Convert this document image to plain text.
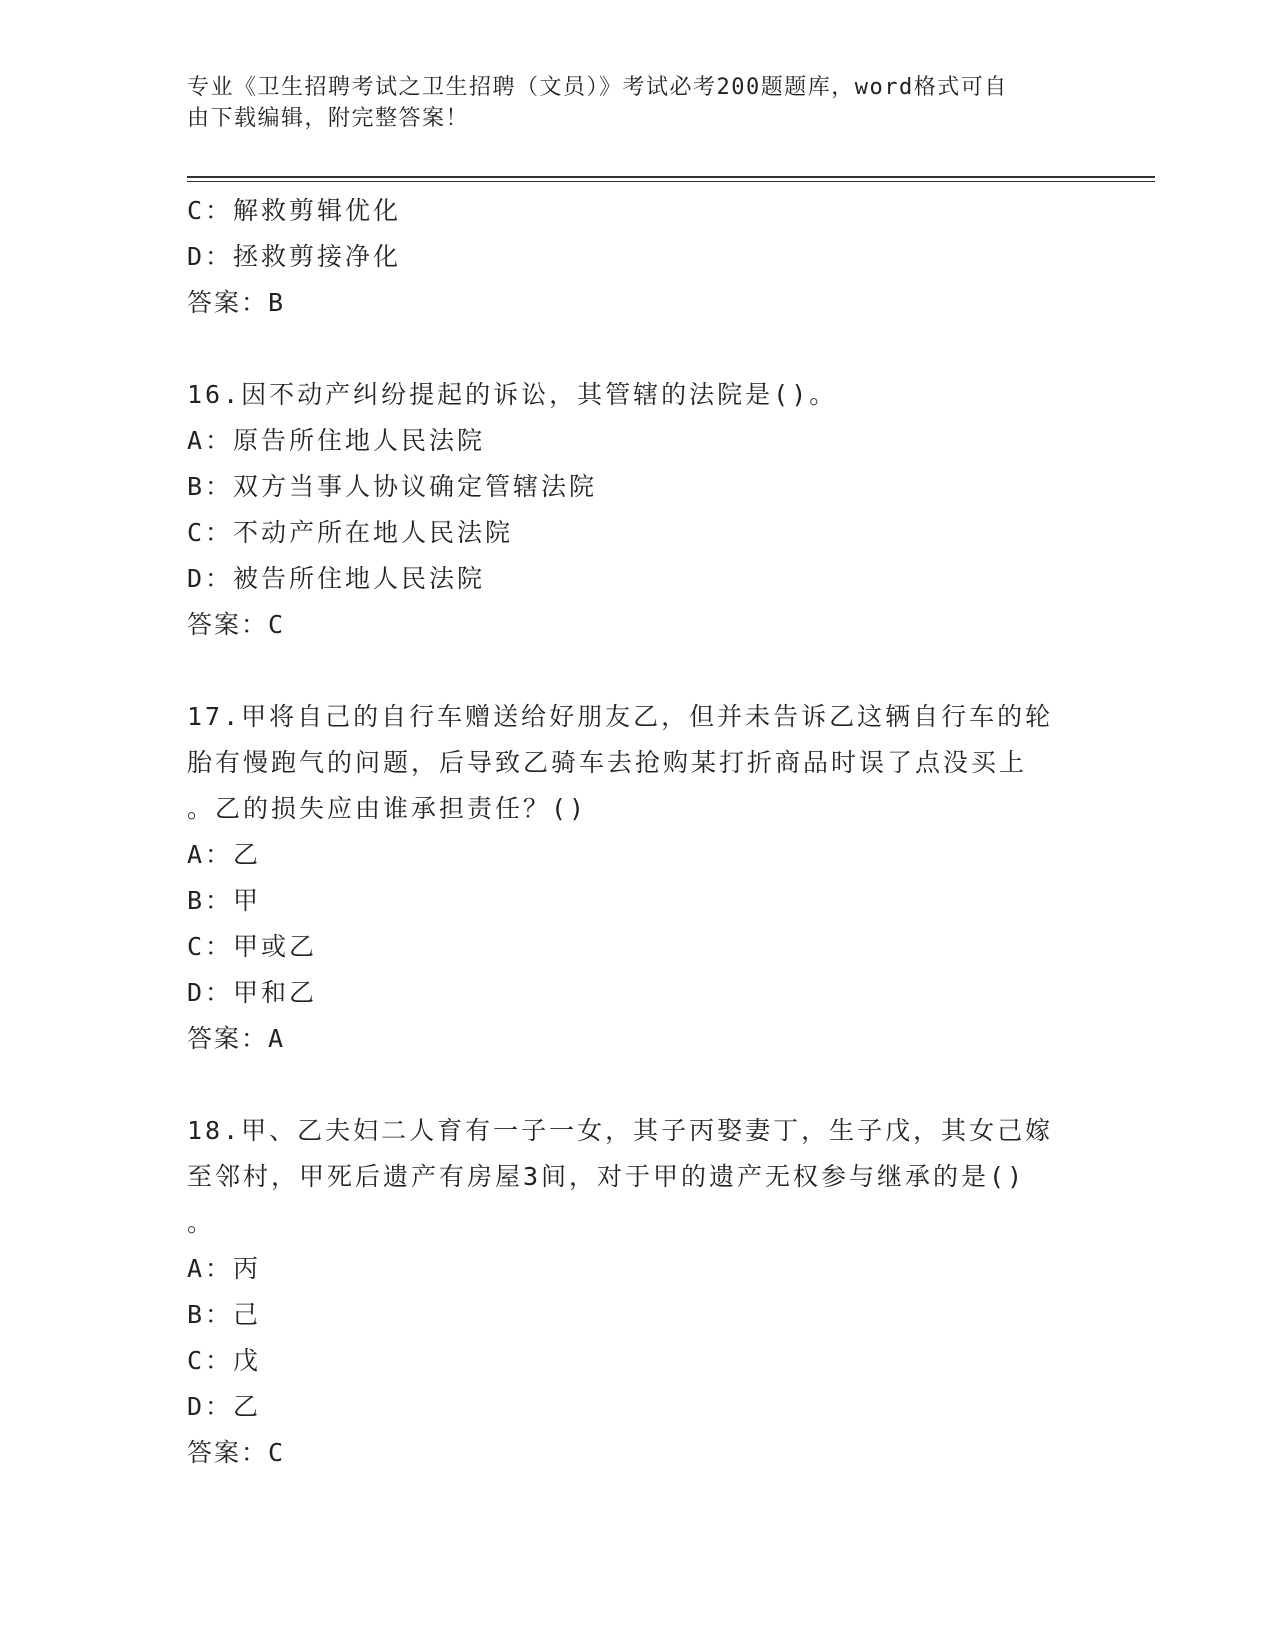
专业《卫生招聘考试之卫生招聘（文员）》考试必考200题题库，word格式可自
由下载编辑，附完整答案！
C：解救剪辑优化
D：拯救剪接净化
答案：B
16.因不动产纠纷提起的诉讼，其管辖的法院是()。
A：原告所住地人民法院
B：双方当事人协议确定管辖法院
C：不动产所在地人民法院
D：被告所住地人民法院
答案：C
17.甲将自己的自行车赠送给好朋友乙，但并未告诉乙这辆自行车的轮
胎有慢跑气的问题，后导致乙骑车去抢购某打折商品时误了点没买上
。乙的损失应由谁承担责任？()
A：乙
B：甲
C：甲或乙
D：甲和乙
答案：A
18.甲、乙夫妇二人育有一子一女，其子丙娶妻丁，生子戊，其女己嫁
至邻村，甲死后遗产有房屋3间，对于甲的遗产无权参与继承的是()
。
A：丙
B：己
C：戊
D：乙
答案：C
